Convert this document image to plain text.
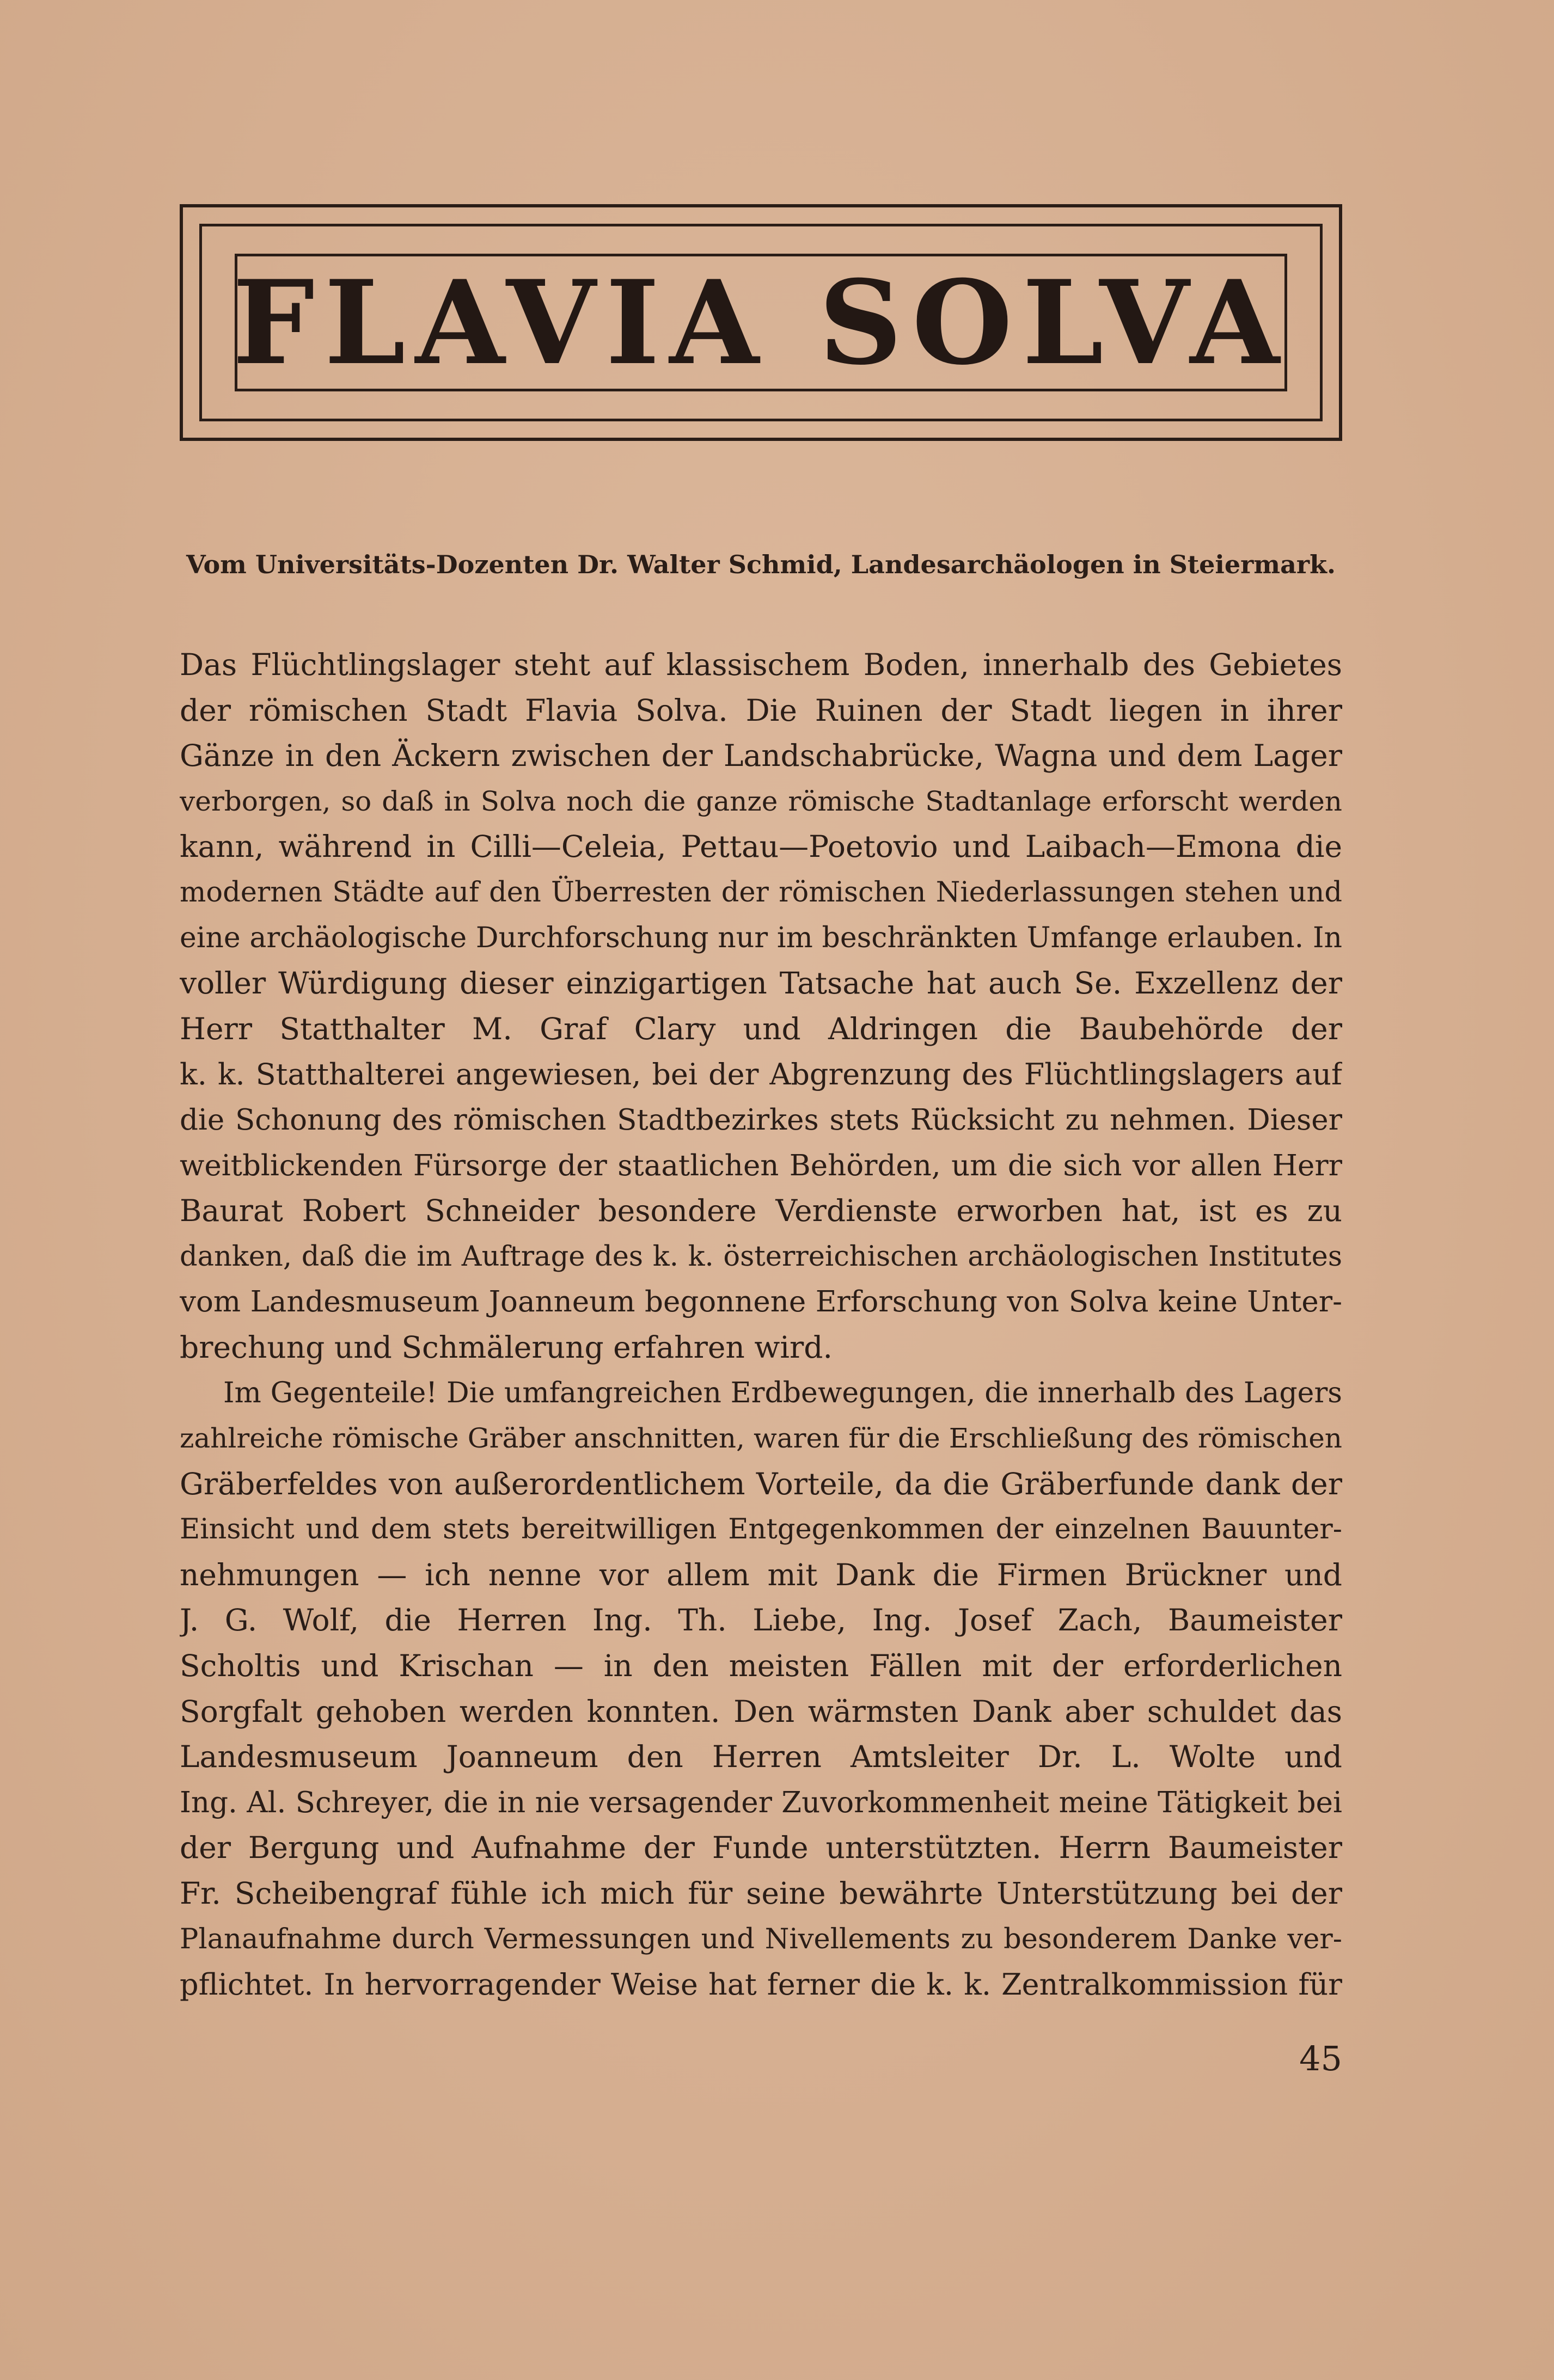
FLAVIA SOLVA
Vom Universitäts-Dozenten Dr. Walter Schmid, Landesarchäologen in Steiermark.
Das Flüchtlingslager steht auf klassischem Boden, innerhalb des Gebietes
der römischen Stadt Flavia Solva. Die Ruinen der Stadt liegen in ihrer
Gänze in den Äckern zwischen der Landschabrücke, Wagna und dem Lager
verborgen, so daß in Solva noch die ganze römische Stadtanlage erforscht werden
kann, während in Cilli—Celeia, Pettau—Poetovio und Laibach—Emona die
modernen Städte auf den Überresten der römischen Niederlassungen stehen und
eine archäologische Durchforschung nur im beschränkten Umfange erlauben. In
voller Würdigung dieser einzigartigen Tatsache hat auch Se. Exzellenz der
Herr Statthalter M. Graf Clary und Aldringen die Baubehörde der
k. k. Statthalterei angewiesen, bei der Abgrenzung des Flüchtlingslagers auf
die Schonung des römischen Stadtbezirkes stets Rücksicht zu nehmen. Dieser
weitblickenden Fürsorge der staatlichen Behörden, um die sich vor allen Herr
Baurat Robert Schneider besondere Verdienste erworben hat, ist es zu
danken, daß die im Auftrage des k. k. österreichischen archäologischen Institutes
vom Landesmuseum Joanneum begonnene Erforschung von Solva keine Unter-
brechung und Schmälerung erfahren wird.
Im Gegenteile! Die umfangreichen Erdbewegungen, die innerhalb des Lagers
zahlreiche römische Gräber anschnitten, waren für die Erschließung des römischen
Gräberfeldes von außerordentlichem Vorteile, da die Gräberfunde dank der
Einsicht und dem stets bereitwilligen Entgegenkommen der einzelnen Bauunter-
nehmungen — ich nenne vor allem mit Dank die Firmen Brückner und
J. G. Wolf, die Herren Ing. Th. Liebe, Ing. Josef Zach, Baumeister
Scholtis und Krischan — in den meisten Fällen mit der erforderlichen
Sorgfalt gehoben werden konnten. Den wärmsten Dank aber schuldet das
Landesmuseum Joanneum den Herren Amtsleiter Dr. L. Wolte und
Ing. Al. Schreyer, die in nie versagender Zuvorkommenheit meine Tätigkeit bei
der Bergung und Aufnahme der Funde unterstützten. Herrn Baumeister
Fr. Scheibengraf fühle ich mich für seine bewährte Unterstützung bei der
Planaufnahme durch Vermessungen und Nivellements zu besonderem Danke ver-
pflichtet. In hervorragender Weise hat ferner die k. k. Zentralkommission für
45
